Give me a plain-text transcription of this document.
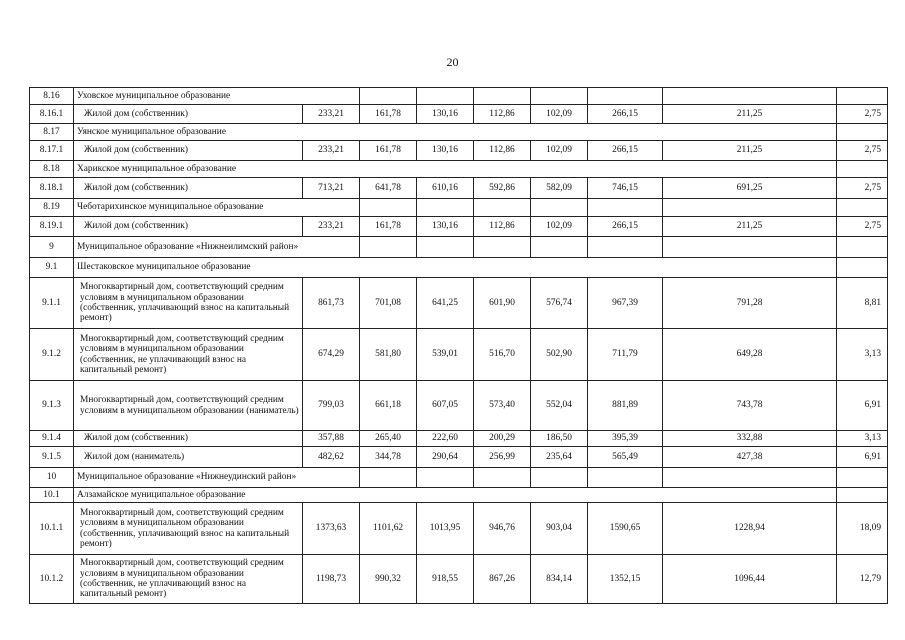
20
8.16	Уховское муниципальное образование								
8.16.1	Жилой дом (собственник)	233,21	161,78	130,16	112,86	102,09	266,15	211,25	2,75
8.17	Уянское муниципальное образование								
8.17.1	Жилой дом (собственник)	233,21	161,78	130,16	112,86	102,09	266,15	211,25	2,75
8.18	Харикское муниципальное образование								
8.18.1	Жилой дом (собственник)	713,21	641,78	610,16	592,86	582,09	746,15	691,25	2,75
8.19	Чеботарихинское муниципальное образование								
8.19.1	Жилой дом (собственник)	233,21	161,78	130,16	112,86	102,09	266,15	211,25	2,75
9	Муниципальное образование «Нижнеилимский район»								
9.1	Шестаковское муниципальное образование								
9.1.1	Многоквартирный дом, соответствующий средним условиям в муниципальном образовании (собственник, уплачивающий взнос на капитальный ремонт)	861,73	701,08	641,25	601,90	576,74	967,39	791,28	8,81
9.1.2	Многоквартирный дом, соответствующий средним условиям в муниципальном образовании (собственник, не уплачивающий взнос на капитальный ремонт)	674,29	581,80	539,01	516,70	502,90	711,79	649,28	3,13
9.1.3	Многоквартирный дом, соответствующий средним условиям в муниципальном образовании (наниматель)	799,03	661,18	607,05	573,40	552,04	881,89	743,78	6,91
9.1.4	Жилой дом (собственник)	357,88	265,40	222,60	200,29	186,50	395,39	332,88	3,13
9.1.5	Жилой дом (наниматель)	482,62	344,78	290,64	256,99	235,64	565,49	427,38	6,91
10	Муниципальное образование «Нижнеудинский район»								
10.1	Алзамайское муниципальное образование								
10.1.1	Многоквартирный дом, соответствующий средним условиям в муниципальном образовании (собственник, уплачивающий взнос на капитальный ремонт)	1373,63	1101,62	1013,95	946,76	903,04	1590,65	1228,94	18,09
10.1.2	Многоквартирный дом, соответствующий средним условиям в муниципальном образовании (собственник, не уплачивающий взнос на капитальный ремонт)	1198,73	990,32	918,55	867,26	834,14	1352,15	1096,44	12,79
